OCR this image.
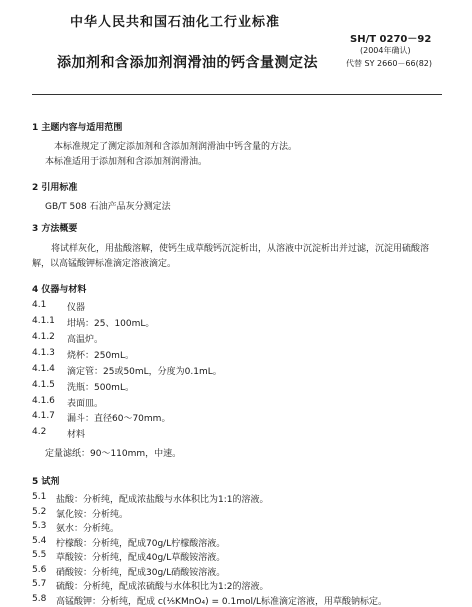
中华人民共和国石油化工行业标准
SH/T 0270－92
(2004年确认)
代替 SY 2660－66(82)
添加剂和含添加剂润滑油的钙含量测定法
1 主题内容与适用范围
本标准规定了测定添加剂和含添加剂润滑油中钙含量的方法。
本标准适用于添加剂和含添加剂润滑油。
2 引用标准
GB/T 508 石油产品灰分测定法
3 方法概要
将试样灰化，用盐酸溶解，使钙生成草酸钙沉淀析出，从溶液中沉淀析出并过滤，沉淀用硫酸溶
解，以高锰酸钾标准滴定溶液滴定。
4 仪器与材料
4.1 仪器
4.1.1 坩埚：25、100mL。
4.1.2 高温炉。
4.1.3 烧杯：250mL。
4.1.4 滴定管：25或50mL，分度为0.1mL。
4.1.5 洗瓶：500mL。
4.1.6 表面皿。
4.1.7 漏斗：直径60～70mm。
4.2 材料
定量滤纸：90～110mm，中速。
5 试剂
5.1 盐酸：分析纯，配成浓盐酸与水体积比为1:1的溶液。
5.2 氯化铵：分析纯。
5.3 氨水：分析纯。
5.4 柠檬酸：分析纯，配成70g/L柠檬酸溶液。
5.5 草酸铵：分析纯，配成40g/L草酸铵溶液。
5.6 硝酸铵：分析纯，配成30g/L硝酸铵溶液。
5.7 硫酸：分析纯，配成浓硫酸与水体积比为1:2的溶液。
5.8 高锰酸钾：分析纯，配成 c(⅕KMnO₄) = 0.1mol/L标准滴定溶液，用草酸钠标定。
